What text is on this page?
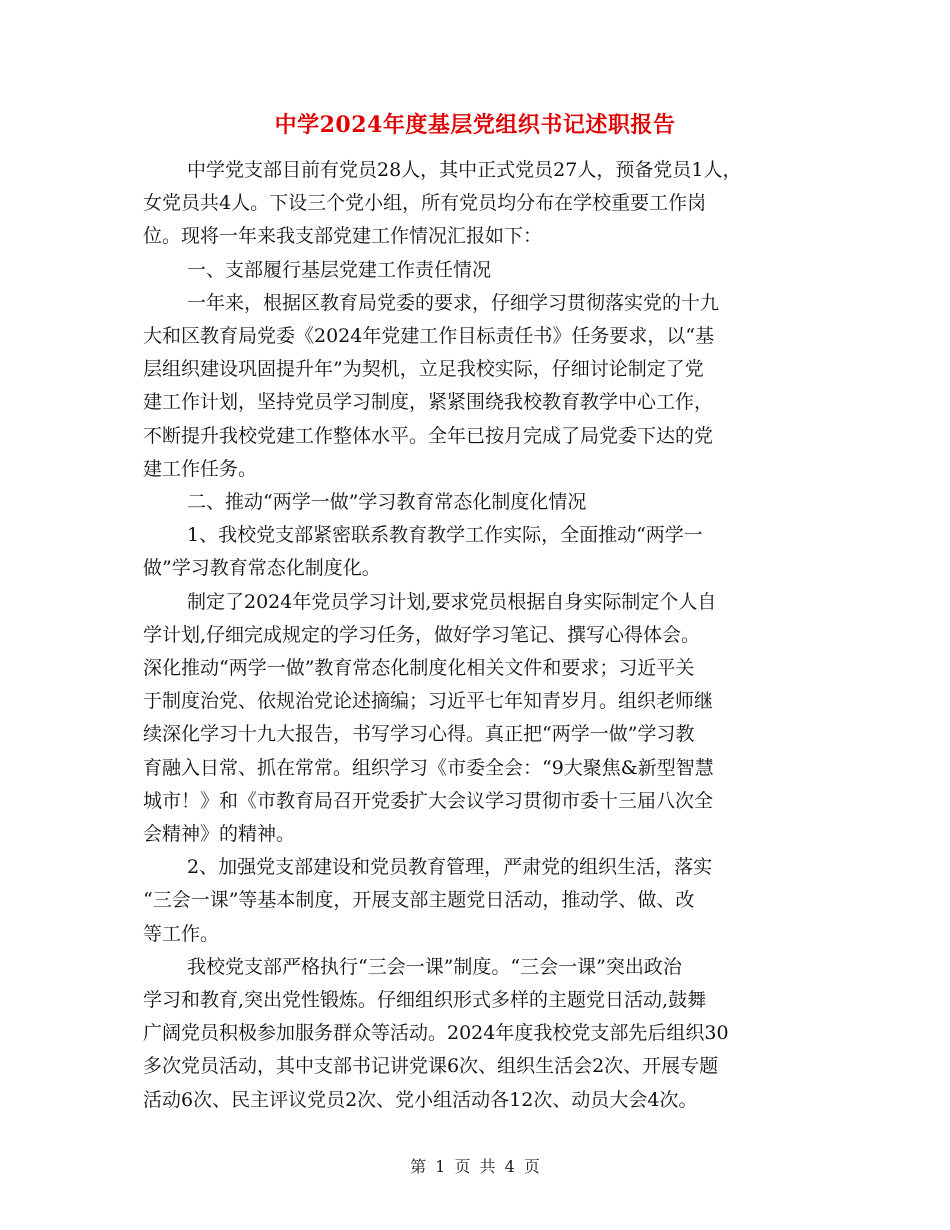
中学2024年度基层党组织书记述职报告

中学党支部目前有党员28人，其中正式党员27人，预备党员1人，

女党员共4人。下设三个党小组，所有党员均分布在学校重要工作岗

位。现将一年来我支部党建工作情况汇报如下：

一、支部履行基层党建工作责任情况

一年来，根据区教育局党委的要求，仔细学习贯彻落实党的十九

大和区教育局党委《2024年党建工作目标责任书》任务要求，以“基

层组织建设巩固提升年”为契机，立足我校实际，仔细讨论制定了党

建工作计划，坚持党员学习制度，紧紧围绕我校教育教学中心工作，

不断提升我校党建工作整体水平。全年已按月完成了局党委下达的党

建工作任务。

二、推动“两学一做”学习教育常态化制度化情况

1、我校党支部紧密联系教育教学工作实际，全面推动“两学一

做”学习教育常态化制度化。

制定了2024年党员学习计划,要求党员根据自身实际制定个人自

学计划,仔细完成规定的学习任务，做好学习笔记、撰写心得体会。

深化推动“两学一做”教育常态化制度化相关文件和要求；习近平关

于制度治党、依规治党论述摘编；习近平七年知青岁月。组织老师继

续深化学习十九大报告，书写学习心得。真正把“两学一做”学习教

育融入日常、抓在常常。组织学习《市委全会：“9大聚焦&新型智慧

城市！》和《市教育局召开党委扩大会议学习贯彻市委十三届八次全

会精神》的精神。

2、加强党支部建设和党员教育管理，严肃党的组织生活，落实

“三会一课”等基本制度，开展支部主题党日活动，推动学、做、改

等工作。

我校党支部严格执行“三会一课”制度。“三会一课”突出政治

学习和教育,突出党性锻炼。仔细组织形式多样的主题党日活动,鼓舞

广阔党员积极参加服务群众等活动。2024年度我校党支部先后组织30

多次党员活动，其中支部书记讲党课6次、组织生活会2次、开展专题

活动6次、民主评议党员2次、党小组活动各12次、动员大会4次。

第 1 页 共 4 页
